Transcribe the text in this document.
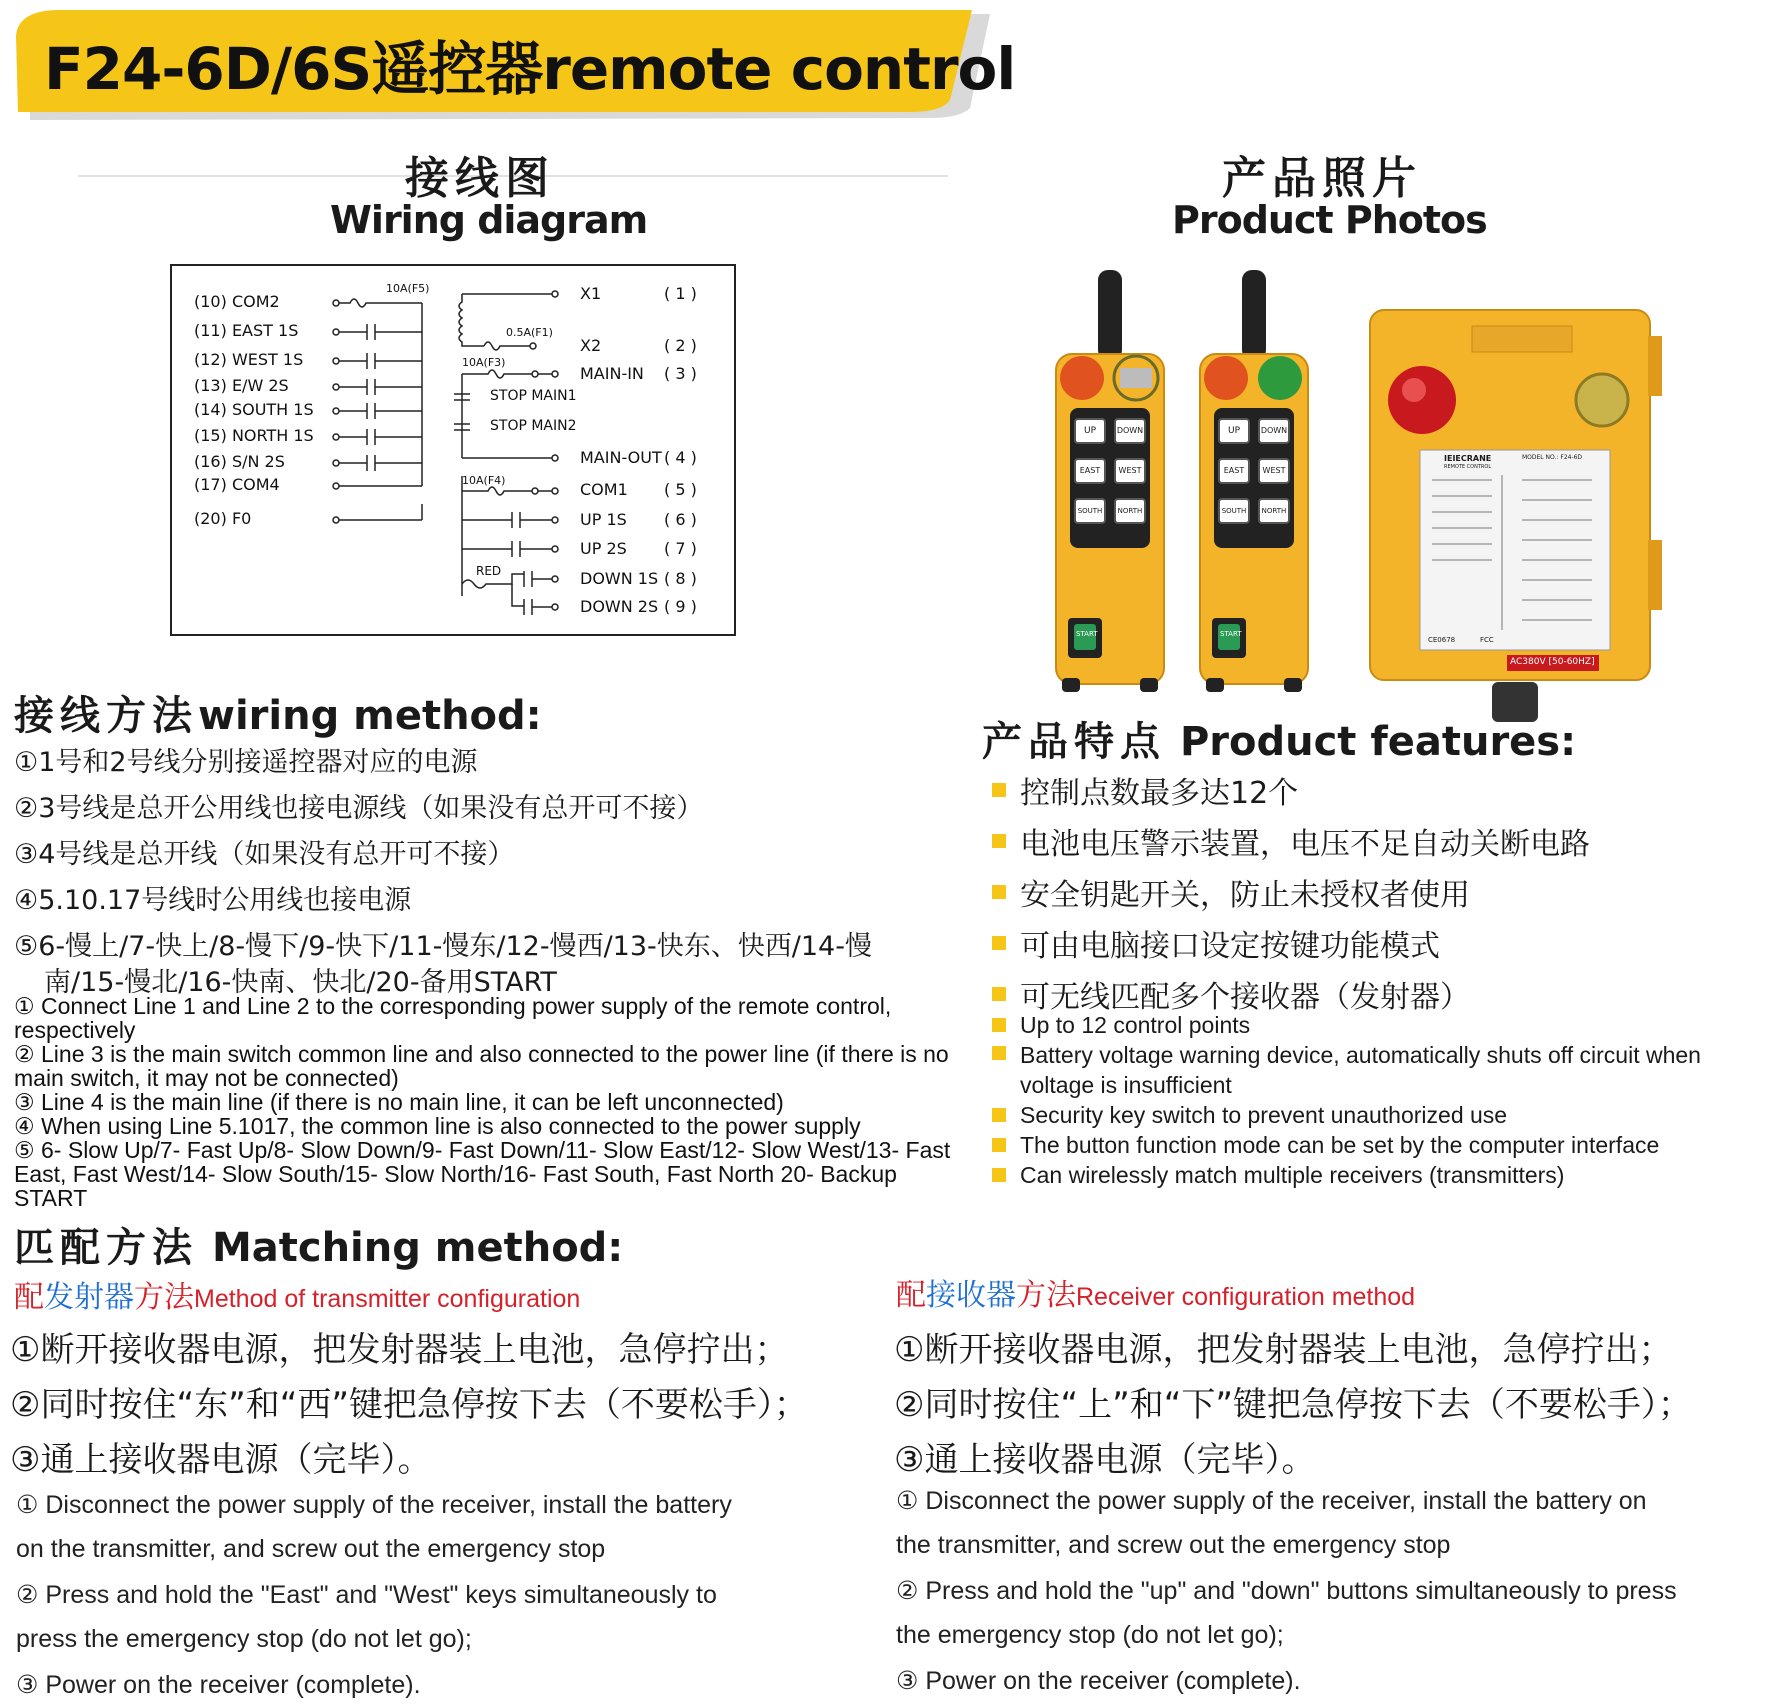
F24-6D/6S遥控器remote control
接线图
Wiring diagram
产品照片
Product Photos
(10) COM2
(11) EAST 1S
(12) WEST 1S
(13) E/W 2S
(14) SOUTH 1S
(15) NORTH 1S
(16) S/N 2S
(17) COM4
(20) F0
10A(F5)
0.5A(F1)
10A(F3)
10A(F4)
STOP MAIN1
STOP MAIN2
RED
X1	( 1 )
X2	( 2 )
MAIN-IN ( 3 )
MAIN-OUT ( 4 )
COM1 ( 5 )
UP 1S ( 6 )
UP 2S ( 7 )
DOWN 1S ( 8 )
DOWN 2S ( 9 )
UP	DOWN
EAST	WEST
SOUTH	NORTH
START
UP	DOWN
EAST	WEST
SOUTH	NORTH
START
IEIECRANE
REMOTE CONTROL
MODEL NO.: F24-6D
CE0678	FCC
AC380V [50-60HZ]
接线方法wiring method:
①1号和2号线分别接遥控器对应的电源
②3号线是总开公用线也接电源线（如果没有总开可不接）
③4号线是总开线（如果没有总开可不接）
④5.10.17号线时公用线也接电源
⑤6-慢上/7-快上/8-慢下/9-快下/11-慢东/12-慢西/13-快东、快西/14-慢
南/15-慢北/16-快南、快北/20-备用START
① Connect Line 1 and Line 2 to the corresponding power supply of the remote control, respectively
② Line 3 is the main switch common line and also connected to the power line (if there is no main switch, it may not be connected)
③ Line 4 is the main line (if there is no main line, it can be left unconnected)
④ When using Line 5.1017, the common line is also connected to the power supply
⑤ 6- Slow Up/7- Fast Up/8- Slow Down/9- Fast Down/11- Slow East/12- Slow West/13- Fast East, Fast West/14- Slow South/15- Slow North/16- Fast South, Fast North 20- Backup START
产品特点 Product features:
控制点数最多达12个
电池电压警示装置，电压不足自动关断电路
安全钥匙开关，防止未授权者使用
可由电脑接口设定按键功能模式
可无线匹配多个接收器（发射器）
Up to 12 control points
Battery voltage warning device, automatically shuts off circuit when voltage is insufficient
Security key switch to prevent unauthorized use
The button function mode can be set by the computer interface
Can wirelessly match multiple receivers (transmitters)
匹配方法 Matching method:
配发射器方法Method of transmitter configuration
①断开接收器电源，把发射器装上电池，急停拧出；
②同时按住“东”和“西”键把急停按下去（不要松手）；
③通上接收器电源（完毕）。
① Disconnect the power supply of the receiver, install the battery
on the transmitter, and screw out the emergency stop
② Press and hold the "East" and "West" keys simultaneously to
press the emergency stop (do not let go);
③ Power on the receiver (complete).
配接收器方法Receiver configuration method
①断开接收器电源，把发射器装上电池，急停拧出；
②同时按住“上”和“下”键把急停按下去（不要松手）；
③通上接收器电源（完毕）。
① Disconnect the power supply of the receiver, install the battery on
the transmitter, and screw out the emergency stop
② Press and hold the "up" and "down" buttons simultaneously to press
the emergency stop (do not let go);
③ Power on the receiver (complete).
